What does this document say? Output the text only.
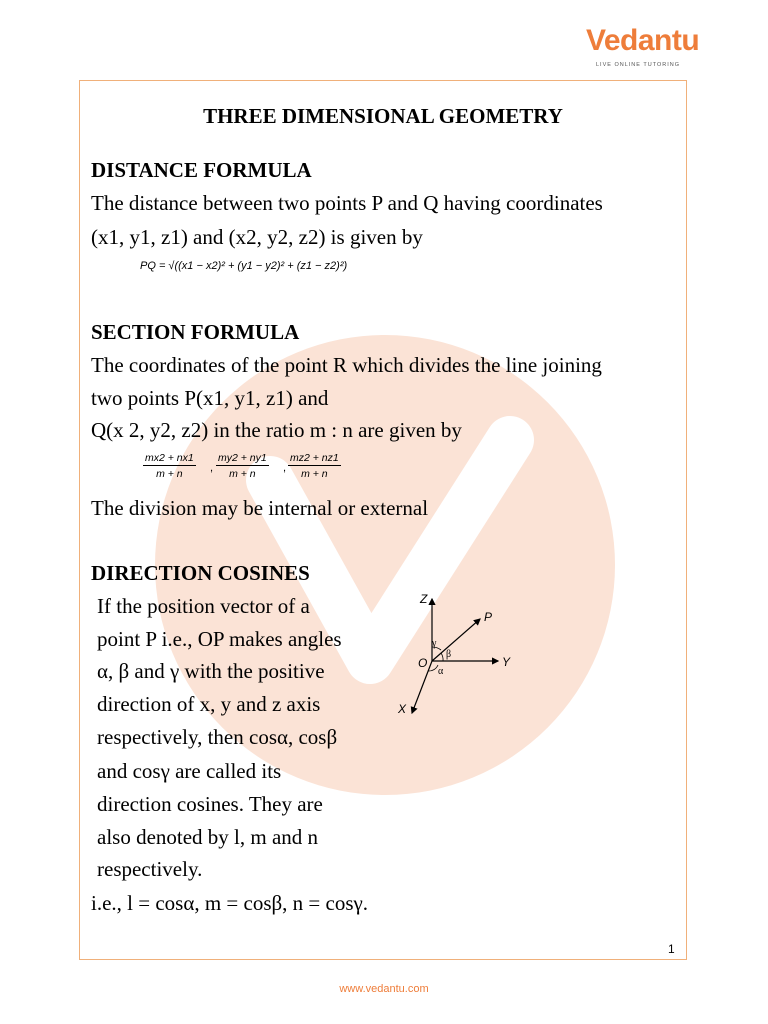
Vedantu
LIVE ONLINE TUTORING
THREE DIMENSIONAL GEOMETRY
DISTANCE FORMULA
The distance between two points P and Q having coordinates
(x1, y1, z1) and (x2, y2, z2) is given by
PQ = √((x1 − x2)² + (y1 − y2)² + (z1 − z2)²)
SECTION FORMULA
The coordinates of the point R which divides the line joining
two points P(x1, y1, z1) and
Q(x 2, y2, z2) in the ratio m : n are given by
$\frac{mx2 + nx1}{m + n}$ , $\frac{my2 + ny1}{m + n}$ , $\frac{mz2 + nz1}{m + n}$
The division may be internal or external
DIRECTION COSINES
If the position vector of a
point P i.e., OP makes angles
α, β and γ with the positive
direction of x, y and z axis
respectively, then cosα, cosβ
and cosγ are called its
direction cosines. They are
also denoted by l, m and n
respectively.
i.e., l = cosα, m = cosβ, n = cosγ.
Z
Y
X
O
P
γ
β
α
1
www.vedantu.com
